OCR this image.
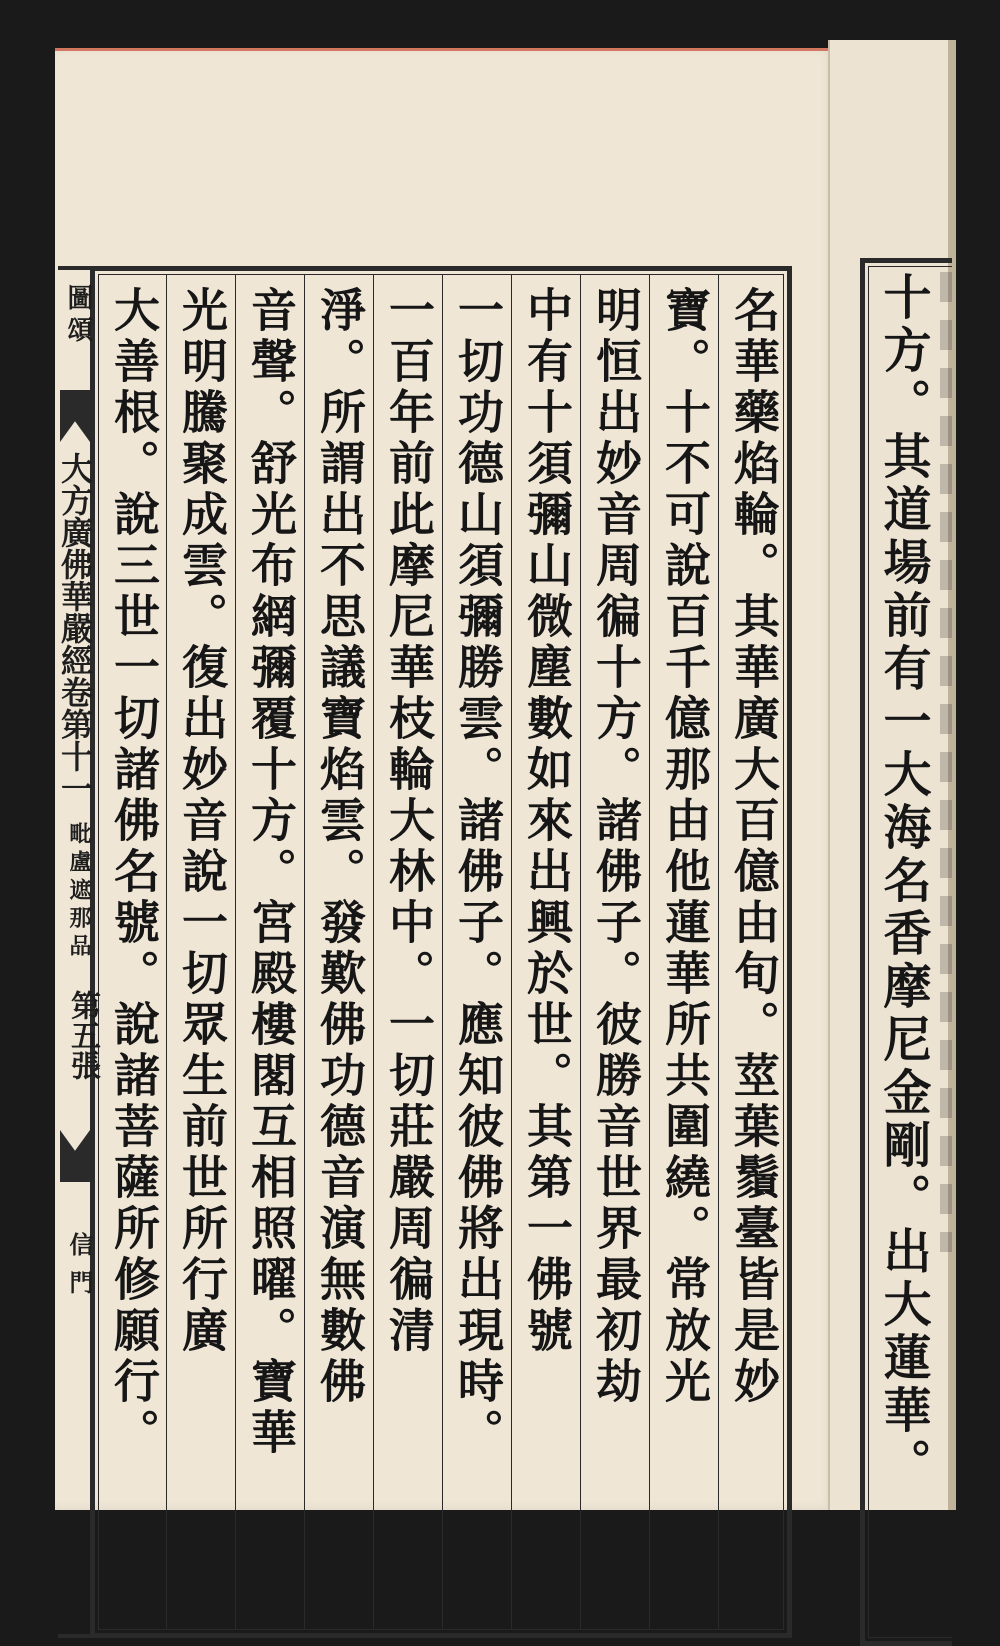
名華藥焰輪。其華廣大百億由旬。莖葉鬚臺皆是妙
寶。十不可說百千億那由他蓮華所共圍繞。常放光
明恒出妙音周徧十方。諸佛子。彼勝音世界最初劫
中有十須彌山微塵數如來出興於世。其第一佛號
一切功德山須彌勝雲。諸佛子。應知彼佛將出現時。
一百年前此摩尼華枝輪大林中。一切莊嚴周徧清
淨。所謂出不思議寶焰雲。發歎佛功德音演無數佛
音聲。舒光布網彌覆十方。宮殿樓閣互相照曜。寶華
光明騰聚成雲。復出妙音說一切眾生前世所行廣
大善根。說三世一切諸佛名號。說諸菩薩所修願行。
圖頌
大方廣佛華嚴經卷第十一
毗盧遮那品
第五張
信門	十方。其道場前有一大海名香摩尼金剛。出大蓮華。
